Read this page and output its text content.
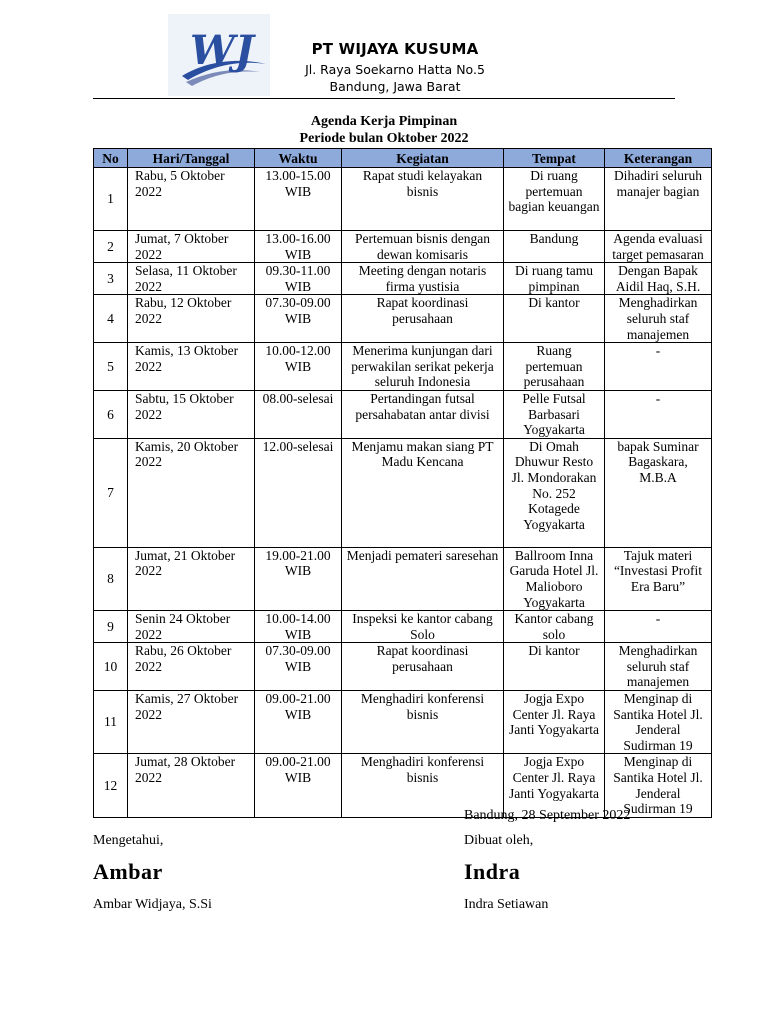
WJ	PT WIJAYA KUSUMA
Jl. Raya Soekarno Hatta No.5
Bandung, Jawa Barat
Agenda Kerja Pimpinan
Periode bulan Oktober 2022
No	Hari/Tanggal	Waktu	Kegiatan	Tempat	Keterangan
1	Rabu, 5 Oktober 2022	13.00-15.00 WIB	Rapat studi kelayakan bisnis	Di ruang pertemuan bagian keuangan	Dihadiri seluruh manajer bagian
2	Jumat, 7 Oktober 2022	13.00-16.00 WIB	Pertemuan bisnis dengan dewan komisaris	Bandung	Agenda evaluasi target pemasaran
3	Selasa, 11 Oktober 2022	09.30-11.00 WIB	Meeting dengan notaris firma yustisia	Di ruang tamu pimpinan	Dengan Bapak Aidil Haq, S.H.
4	Rabu, 12 Oktober 2022	07.30-09.00 WIB	Rapat koordinasi perusahaan	Di kantor	Menghadirkan seluruh staf manajemen
5	Kamis, 13 Oktober 2022	10.00-12.00 WIB	Menerima kunjungan dari perwakilan serikat pekerja seluruh Indonesia	Ruang pertemuan perusahaan	-
6	Sabtu, 15 Oktober 2022	08.00-selesai	Pertandingan futsal persahabatan antar divisi	Pelle Futsal Barbasari Yogyakarta	-
7	Kamis, 20 Oktober 2022	12.00-selesai	Menjamu makan siang PT Madu Kencana	Di Omah Dhuwur Resto Jl. Mondorakan No. 252 Kotagede Yogyakarta	bapak Suminar Bagaskara, M.B.A
8	Jumat, 21 Oktober 2022	19.00-21.00 WIB	Menjadi pemateri saresehan	Ballroom Inna Garuda Hotel Jl. Malioboro Yogyakarta	Tajuk materi “Investasi Profit Era Baru”
9	Senin 24 Oktober 2022	10.00-14.00 WIB	Inspeksi ke kantor cabang Solo	Kantor cabang solo	-
10	Rabu, 26 Oktober 2022	07.30-09.00 WIB	Rapat koordinasi perusahaan	Di kantor	Menghadirkan seluruh staf manajemen
11	Kamis, 27 Oktober 2022	09.00-21.00 WIB	Menghadiri konferensi bisnis	Jogja Expo Center Jl. Raya Janti Yogyakarta	Menginap di Santika Hotel Jl. Jenderal Sudirman 19
12	Jumat, 28 Oktober 2022	09.00-21.00 WIB	Menghadiri konferensi bisnis	Jogja Expo Center Jl. Raya Janti Yogyakarta	Menginap di Santika Hotel Jl. Jenderal Sudirman 19
Bandung, 28 September 2022
Mengetahui,
Ambar
Ambar Widjaya, S.Si
Dibuat oleh,
Indra
Indra Setiawan
